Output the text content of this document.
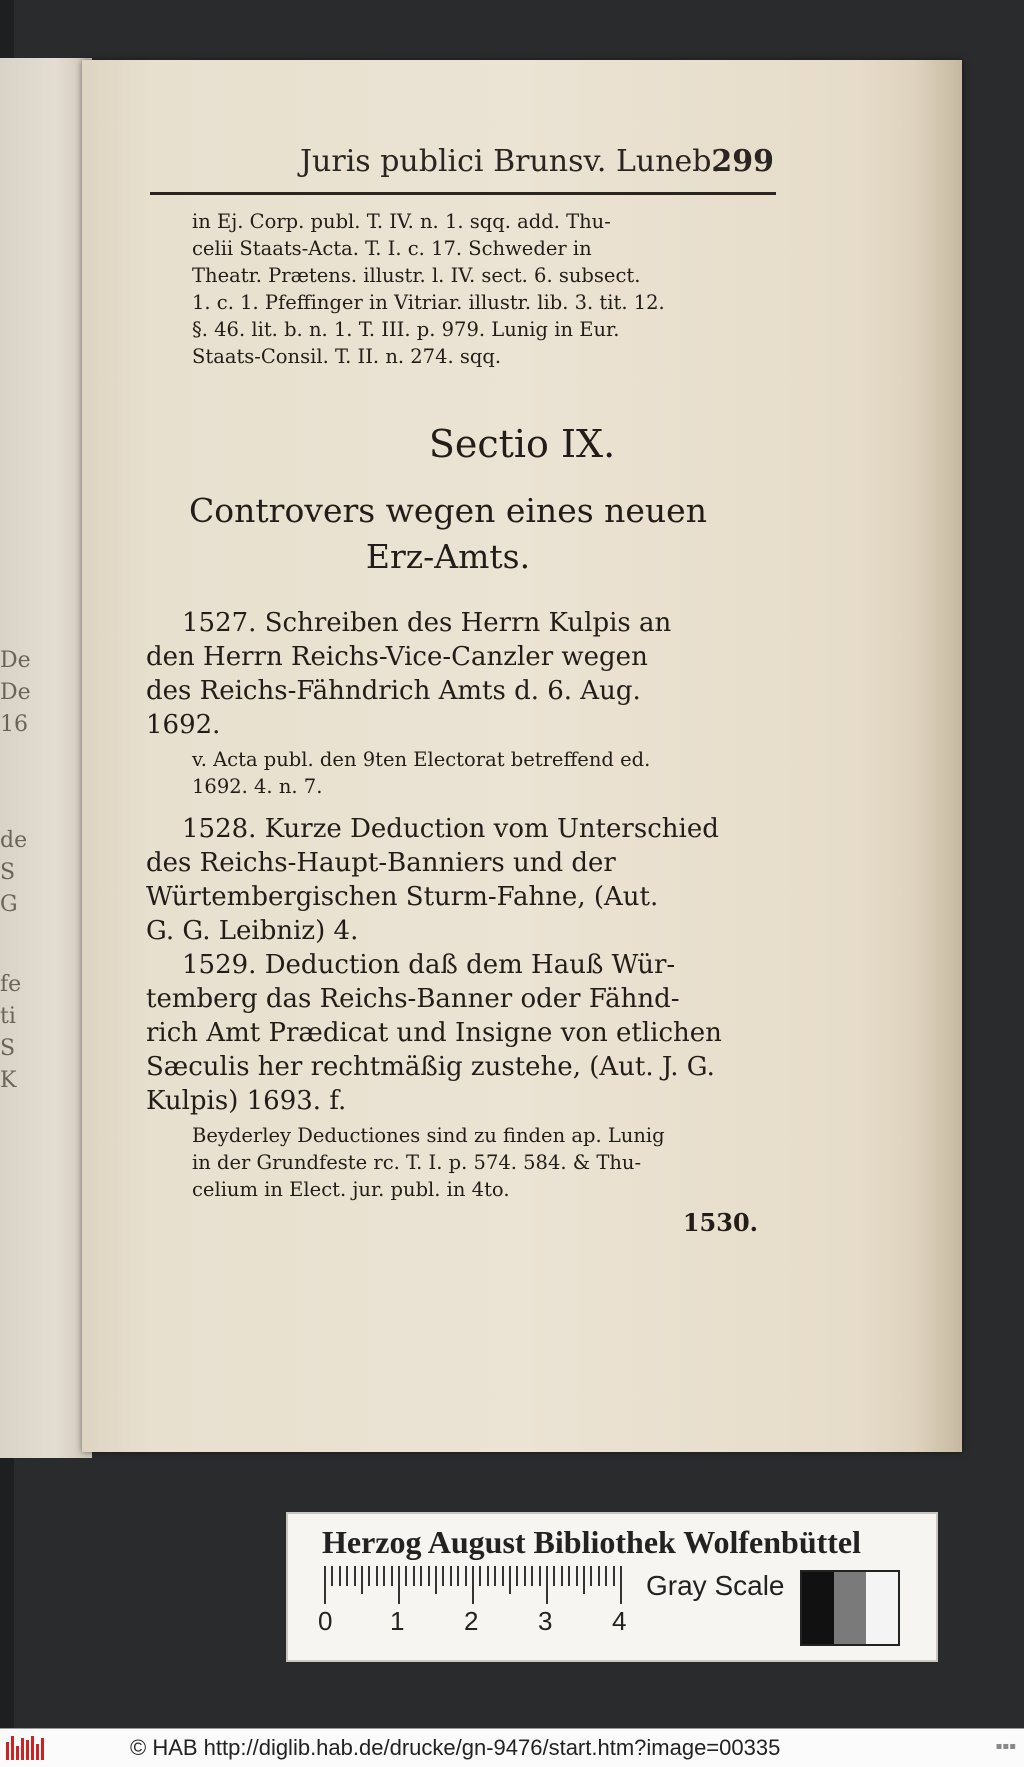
De
De
16
de
S
G
fe
ti
S
K
Juris publici Brunsv. Luneb.
299

in Ej. Corp. publ. T. IV. n. 1. sqq. add. Thu-

celii Staats-Acta. T. I. c. 17. Schweder in

Theatr. Prætens. illustr. l. IV. sect. 6. subsect.

1. c. 1. Pfeffinger in Vitriar. illustr. lib. 3. tit. 12.

§. 46. lit. b. n. 1. T. III. p. 979. Lunig in Eur.

Staats-Consil. T. II. n. 274. sqq.

Sectio IX.
Controvers wegen eines neuen
Erz-Amts.

1527. Schreiben des Herrn Kulpis an

den Herrn Reichs-Vice-Canzler wegen

des Reichs-Fähndrich Amts d. 6. Aug.

1692.

v. Acta publ. den 9ten Electorat betreffend ed.

1692. 4. n. 7.

1528. Kurze Deduction vom Unterschied

des Reichs-Haupt-Banniers und der

Würtembergischen Sturm-Fahne, (Aut.

G. G. Leibniz) 4.

1529. Deduction daß dem Hauß Wür-

temberg das Reichs-Banner oder Fähnd-

rich Amt Prædicat und Insigne von etlichen

Sæculis her rechtmäßig zustehe, (Aut. J. G.

Kulpis) 1693. f.

Beyderley Deductiones sind zu finden ap. Lunig

in der Grundfeste rc. T. I. p. 574. 584. & Thu-

celium in Elect. jur. publ. in 4to.

1530.
Herzog August Bibliothek Wolfenbüttel
0 1 2 3 4
Gray Scale
© HAB http://diglib.hab.de/drucke/gn-9476/start.htm?image=00335	▪▪▪
